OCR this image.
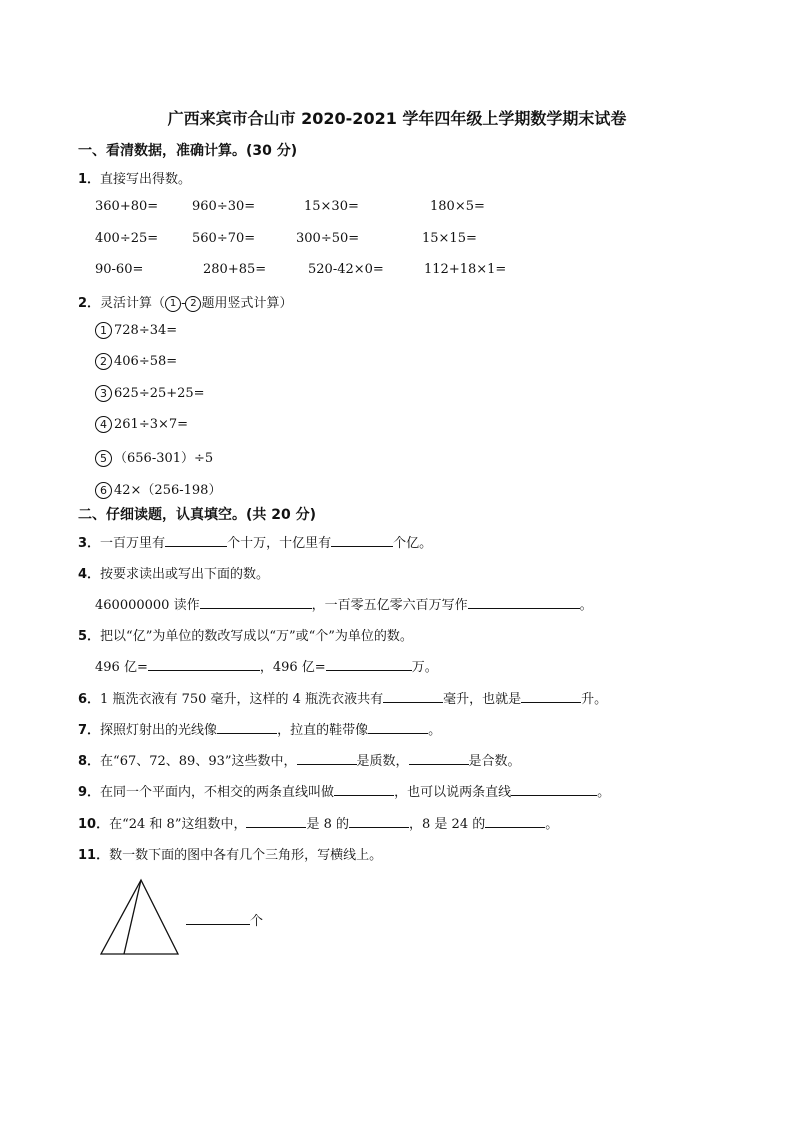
广西来宾市合山市 2020-2021 学年四年级上学期数学期末试卷
一、看清数据，准确计算。(30 分)
1．直接写出得数。
360+80=	960÷30=	15×30=	180×5=
400÷25=	560÷70=	300÷50=	15×15=
90-60=	280+85=	520-42×0=	112+18×1=
2．灵活计算（ 1 - 2 题用竖式计算）
1 728÷34=
2 406÷58=
3 625÷25+25=
4 261÷3×7=
5 （656-301）÷5
6 42×（256-198）
二、仔细读题，认真填空。(共 20 分)
3．一百万里有	个十万，十亿里有	个亿。
4．按要求读出或写出下面的数。
460000000 读作	，一百零五亿零六百万写作	。
5．把以“亿”为单位的数改写成以“万”或“个”为单位的数。
496 亿=	，496 亿=	万。
6．1 瓶洗衣液有 750 毫升，这样的 4 瓶洗衣液共有	毫升，也就是	升。
7．探照灯射出的光线像	，拉直的鞋带像	。
8．在“67、72、89、93”这些数中，	是质数，	是合数。
9．在同一个平面内，不相交的两条直线叫做	，也可以说两条直线	。
10．在“24 和 8”这组数中，	是 8 的	，8 是 24 的	。
11．数一数下面的图中各有几个三角形，写横线上。
个
